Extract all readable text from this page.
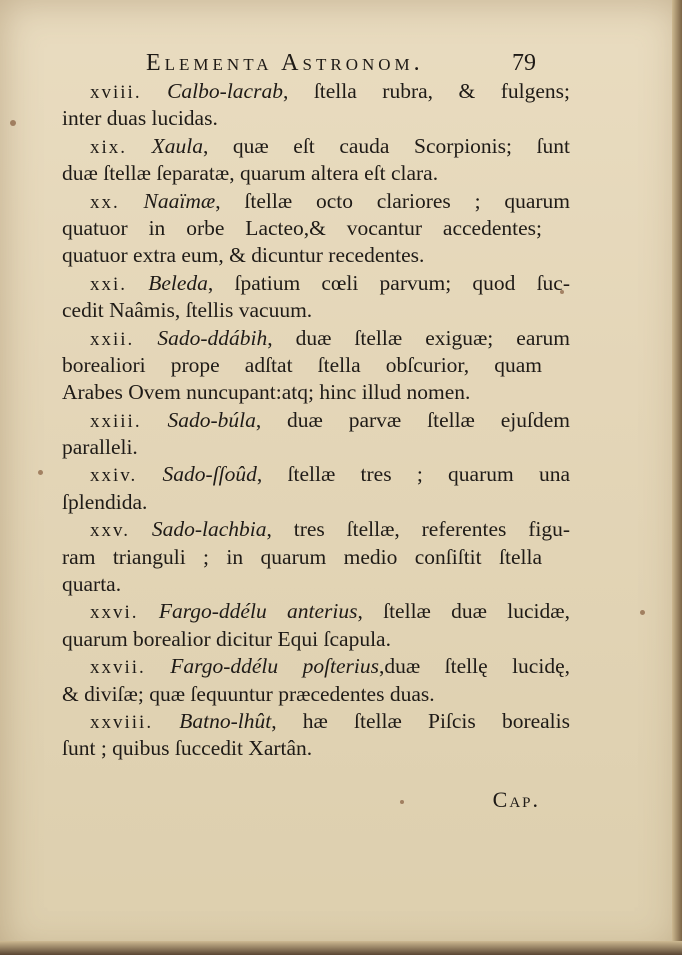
Elementa Astronom.	79
xviii. Calbo-lacrab, ſtella rubra, & fulgens;
inter duas lucidas.
xix. Xaula, quæ eſt cauda Scorpionis; ſunt
duæ ſtellæ ſeparatæ, quarum altera eſt clara.
xx. Naaïmæ, ſtellæ octo clariores ; quarum
quatuor in orbe Lacteo,& vocantur accedentes;
quatuor extra eum, & dicuntur recedentes.
xxi. Beleda, ſpatium cœli parvum; quod ſuc-
cedit Naâmis, ſtellis vacuum.
xxii. Sado-ddábih, duæ ſtellæ exiguæ; earum
borealiori prope adſtat ſtella obſcurior, quam
Arabes Ovem nuncupant:atq; hinc illud nomen.
xxiii. Sado-búla, duæ parvæ ſtellæ ejuſdem
paralleli.
xxiv. Sado-ſſoûd, ſtellæ tres ; quarum una
ſplendida.
xxv. Sado-lachbia, tres ſtellæ, referentes figu-
ram trianguli ; in quarum medio conſiſtit ſtella
quarta.
xxvi. Fargo-ddélu anterius, ſtellæ duæ lucidæ,
quarum borealior dicitur Equi ſcapula.
xxvii. Fargo-ddélu poſterius,duæ ſtellę lucidę,
& diviſæ; quæ ſequuntur præcedentes duas.
xxviii. Batno-lhût, hæ ſtellæ Piſcis borealis
ſunt ; quibus ſuccedit Xartân.
Cap.
